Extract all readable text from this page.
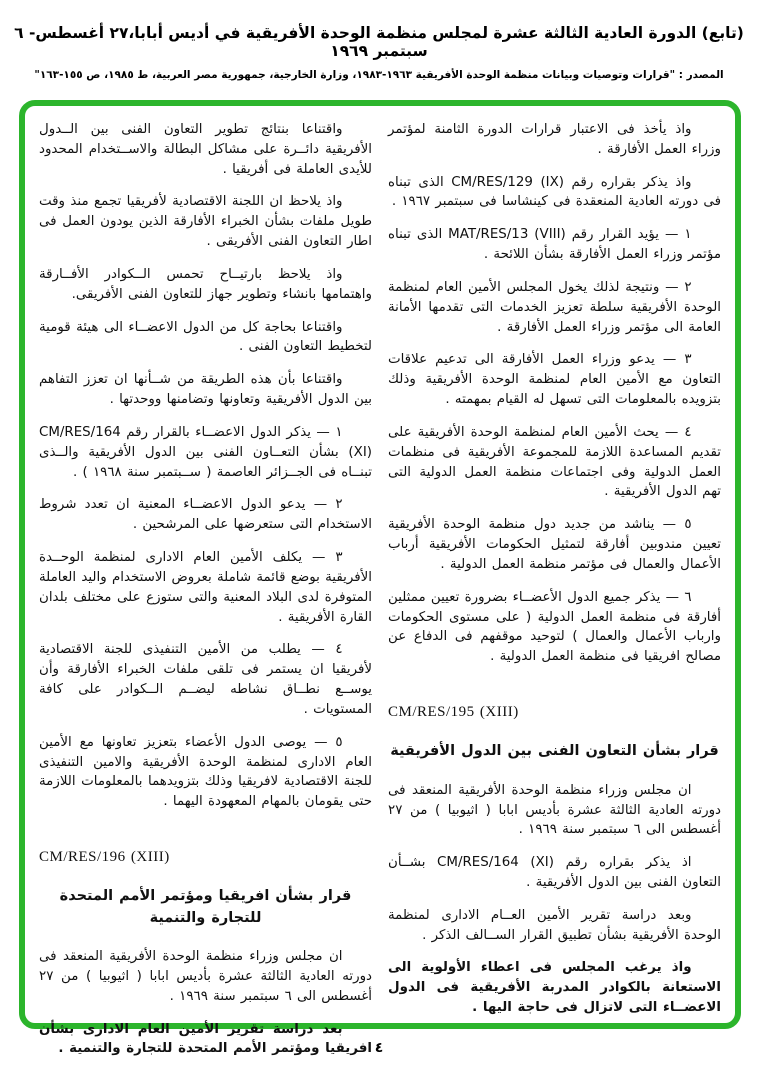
(تابع) الدورة العادية الثالثة عشرة لمجلس منظمة الوحدة الأفريقية في أديس أبابا،٢٧ أغسطس- ٦ سبتمبر ١٩٦٩
المصدر : "قرارات وتوصيات وبيانات منظمة الوحدة الأفريقية ١٩٦٣-١٩٨٣، وزارة الخارجية، جمهورية مصر العربية، ط ١٩٨٥، ص ١٥٥-١٦٣"

واذ يأخذ فى الاعتبار قرارات الدورة الثامنة لمؤتمر وزراء العمل الأفارقة .

واذ يذكر بقراره رقم (CM/RES/129 (IX الذى تبناه فى دورته العادية المنعقدة فى كينشاسا فى سبتمبر ١٩٦٧ .

١ — يؤيد القرار رقم (MAT/RES/13 (VIII الذى تبناه مؤتمر وزراء العمل الأفارقة بشأن اللائحة .

٢ — ونتيجة لذلك يخول المجلس الأمين العام لمنظمة الوحدة الأفريقية سلطة تعزيز الخدمات التى تقدمها الأمانة العامة الى مؤتمر وزراء العمل الأفارقة .

٣ — يدعو وزراء العمل الأفارقة الى تدعيم علاقات التعاون مع الأمين العام لمنظمة الوحدة الأفريقية وذلك بتزويده بالمعلومات التى تسهل له القيام بمهمته .

٤ — يحث الأمين العام لمنظمة الوحدة الأفريقية على تقديم المساعدة اللازمة للمجموعة الأفريقية فى منظمات العمل الدولية وفى اجتماعات منظمة العمل الدولية التى تهم الدول الأفريقية .

٥ — يناشد من جديد دول منظمة الوحدة الأفريقية تعيين مندوبين أفارقة لتمثيل الحكومات الأفريقية أرباب الأعمال والعمال فى مؤتمر منظمة العمل الدولية .

٦ — يذكر جميع الدول الأعضــاء بضرورة تعيين ممثلين أفارقة فى منظمة العمل الدولية ( على مستوى الحكومات وارباب الأعمال والعمال ) لتوحيد موقفهم فى الدفاع عن مصالح افريقيا فى منظمة العمل الدولية .

CM/RES/195 (XIII)

قرار بشأن التعاون الفنى بين الدول الأفريقية

ان مجلس وزراء منظمة الوحدة الأفريقية المنعقد فى دورته العادية الثالثة عشرة بأديس ابابا ( اثيوبيا ) من ٢٧ أغسطس الى ٦ سبتمبر سنة ١٩٦٩ .

اذ يذكر بقراره رقم (CM/RES/164 (XI بشــأن التعاون الفنى بين الدول الأفريقية .

وبعد دراسة تقرير الأمين العــام الادارى لمنظمة الوحدة الأفريقية بشأن تطبيق القرار الســالف الذكر .

واذ يرغب المجلس فى اعطاء الأولوية الى الاستعانة بالكوادر المدربة الأفريقية فى الدول الاعضــاء التى لاتزال فى حاجة اليها .

واقتناعا بنتائج تطوير التعاون الفنى بين الــدول الأفريقية دائــرة على مشاكل البطالة والاســتخدام المحدود للأيدى العاملة فى أفريقيا .

واذ يلاحظ ان اللجنة الاقتصادية لأفريقيا تجمع منذ وقت طويل ملفات بشأن الخبراء الأفارقة الذين يودون العمل فى اطار التعاون الفنى الأفريقى .

واذ يلاحظ بارتيــاح تحمس الــكوادر الأفــارقة واهتمامها بانشاء وتطوير جهاز للتعاون الفنى الأفريقى.

واقتناعا بحاجة كل من الدول الاعضــاء الى هيئة قومية لتخطيط التعاون الفنى .

واقتناعا بأن هذه الطريقة من شــأنها ان تعزز التفاهم بين الدول الأفريقية وتعاونها وتضامنها ووحدتها .

١ — يذكر الدول الاعضــاء بالقرار رقم CM/RES/164 (XI) بشأن التعــاون الفنى بين الدول الأفريقية والــذى تبنــاه فى الجــزائر العاصمة ( ســبتمبر سنة ١٩٦٨ ) .

٢ — يدعو الدول الاعضــاء المعنية ان تعدد شروط الاستخدام التى ستعرضها على المرشحين .

٣ — يكلف الأمين العام الادارى لمنظمة الوحــدة الأفريقية بوضع قائمة شاملة بعروض الاستخدام واليد العاملة المتوفرة لدى البلاد المعنية والتى ستوزع على مختلف بلدان القارة الأفريقية .

٤ — يطلب من الأمين التنفيذى للجنة الاقتصادية لأفريقيا ان يستمر فى تلقى ملفات الخبراء الأفارقة وأن يوســع نطــاق نشاطه ليضــم الــكوادر على كافة المستويات .

٥ — يوصى الدول الأعضاء بتعزيز تعاونها مع الأمين العام الادارى لمنظمة الوحدة الأفريقية والامين التنفيذى للجنة الاقتصادية لافريقيا وذلك بتزويدهما بالمعلومات اللازمة حتى يقومان بالمهام المعهودة اليهما .

CM/RES/196 (XIII)

قرار بشأن افريقيا ومؤتمر الأمم المتحدة للتجارة والتنمية

ان مجلس وزراء منظمة الوحدة الأفريقية المنعقد فى دورته العادية الثالثة عشرة بأديس ابابا ( اثيوبيا ) من ٢٧ أغسطس الى ٦ سبتمبر سنة ١٩٦٩ .

بعد دراسة تقرير الأمين العام الادارى بشأن افريقيا ومؤتمر الأمم المتحدة للتجارة والتنمية . ٤
